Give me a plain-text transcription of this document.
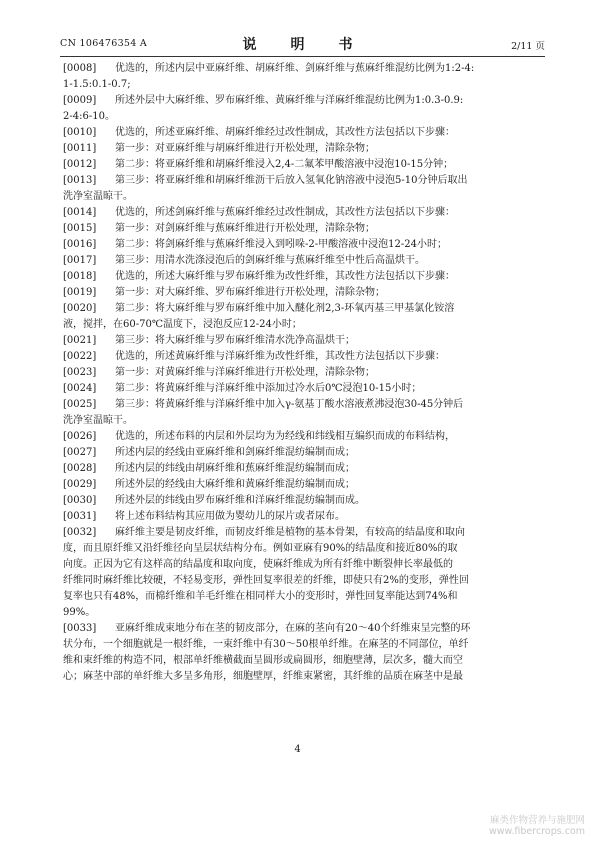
CN 106476354 A	说　明　书	2/11 页
[0008] 优选的，所述内层中亚麻纤维、胡麻纤维、剑麻纤维与蕉麻纤维混纺比例为1:2-4:
1-1.5:0.1-0.7;
[0009] 所述外层中大麻纤维、罗布麻纤维、黄麻纤维与洋麻纤维混纺比例为1:0.3-0.9:
2-4:6-10。
[0010] 优选的，所述亚麻纤维、胡麻纤维经过改性制成，其改性方法包括以下步骤：
[0011] 第一步：对亚麻纤维与胡麻纤维进行开松处理，清除杂物；
[0012] 第二步：将亚麻纤维和胡麻纤维浸入2,4-二氟苯甲酸溶液中浸泡10-15分钟；
[0013] 第三步：将亚麻纤维和胡麻纤维沥干后放入氢氧化钠溶液中浸泡5-10分钟后取出
洗净室温晾干。
[0014] 优选的，所述剑麻纤维与蕉麻纤维经过改性制成，其改性方法包括以下步骤：
[0015] 第一步：对剑麻纤维与蕉麻纤维进行开松处理，清除杂物；
[0016] 第二步：将剑麻纤维与蕉麻纤维浸入到吲哚-2-甲酸溶液中浸泡12-24小时；
[0017] 第三步：用清水洗涤浸泡后的剑麻纤维与蕉麻纤维至中性后高温烘干。
[0018] 优选的，所述大麻纤维与罗布麻纤维为改性纤维，其改性方法包括以下步骤：
[0019] 第一步：对大麻纤维、罗布麻纤维进行开松处理，清除杂物；
[0020] 第二步：将大麻纤维与罗布麻纤维中加入醚化剂2,3-环氧丙基三甲基氯化铵溶
液，搅拌，在60-70℃温度下，浸泡反应12-24小时；
[0021] 第三步：将大麻纤维与罗布麻纤维清水洗净高温烘干；
[0022] 优选的，所述黄麻纤维与洋麻纤维为改性纤维，其改性方法包括以下步骤：
[0023] 第一步：对黄麻纤维与洋麻纤维进行开松处理，清除杂物；
[0024] 第二步：将黄麻纤维与洋麻纤维中添加过冷水后0℃浸泡10-15小时；
[0025] 第三步：将黄麻纤维与洋麻纤维中加入γ-氨基丁酸水溶液煮沸浸泡30-45分钟后
洗净室温晾干。
[0026] 优选的，所述布料的内层和外层均为为经线和纬线相互编织而成的布料结构，
[0027] 所述内层的经线由亚麻纤维和剑麻纤维混纺编制而成；
[0028] 所述内层的纬线由胡麻纤维和蕉麻纤维混纺编制而成；
[0029] 所述外层的经线由大麻纤维和黄麻纤维混纺编制而成；
[0030] 所述外层的纬线由罗布麻纤维和洋麻纤维混纺编制而成。
[0031] 将上述布料结构其应用做为婴幼儿的尿片或者尿布。
[0032] 麻纤维主要是韧皮纤维，而韧皮纤维是植物的基本骨架，有较高的结晶度和取向
度，而且原纤维又沿纤维径向呈层状结构分布。例如亚麻有90%的结晶度和接近80%的取
向度。正因为它有这样高的结晶度和取向度，使麻纤维成为所有纤维中断裂伸长率最低的
纤维同时麻纤维比较硬，不轻易变形，弹性回复率很差的纤维，即使只有2%的变形，弹性回
复率也只有48%，而棉纤维和羊毛纤维在相同样大小的变形时，弹性回复率能达到74%和
99%。
[0033] 亚麻纤维成束地分布在茎的韧皮部分，在麻的茎向有20～40个纤维束呈完整的环
状分布，一个细胞就是一根纤维，一束纤维中有30～50根单纤维。在麻茎的不同部位，单纤
维和束纤维的构造不同，根部单纤维横截面呈圆形或扁圆形，细胞壁薄，层次多，髓大而空
心；麻茎中部的单纤维大多呈多角形，细胞壁厚，纤维束紧密，其纤维的品质在麻茎中是最
4
麻类作物营养与施肥网
www.fibercrops.com
